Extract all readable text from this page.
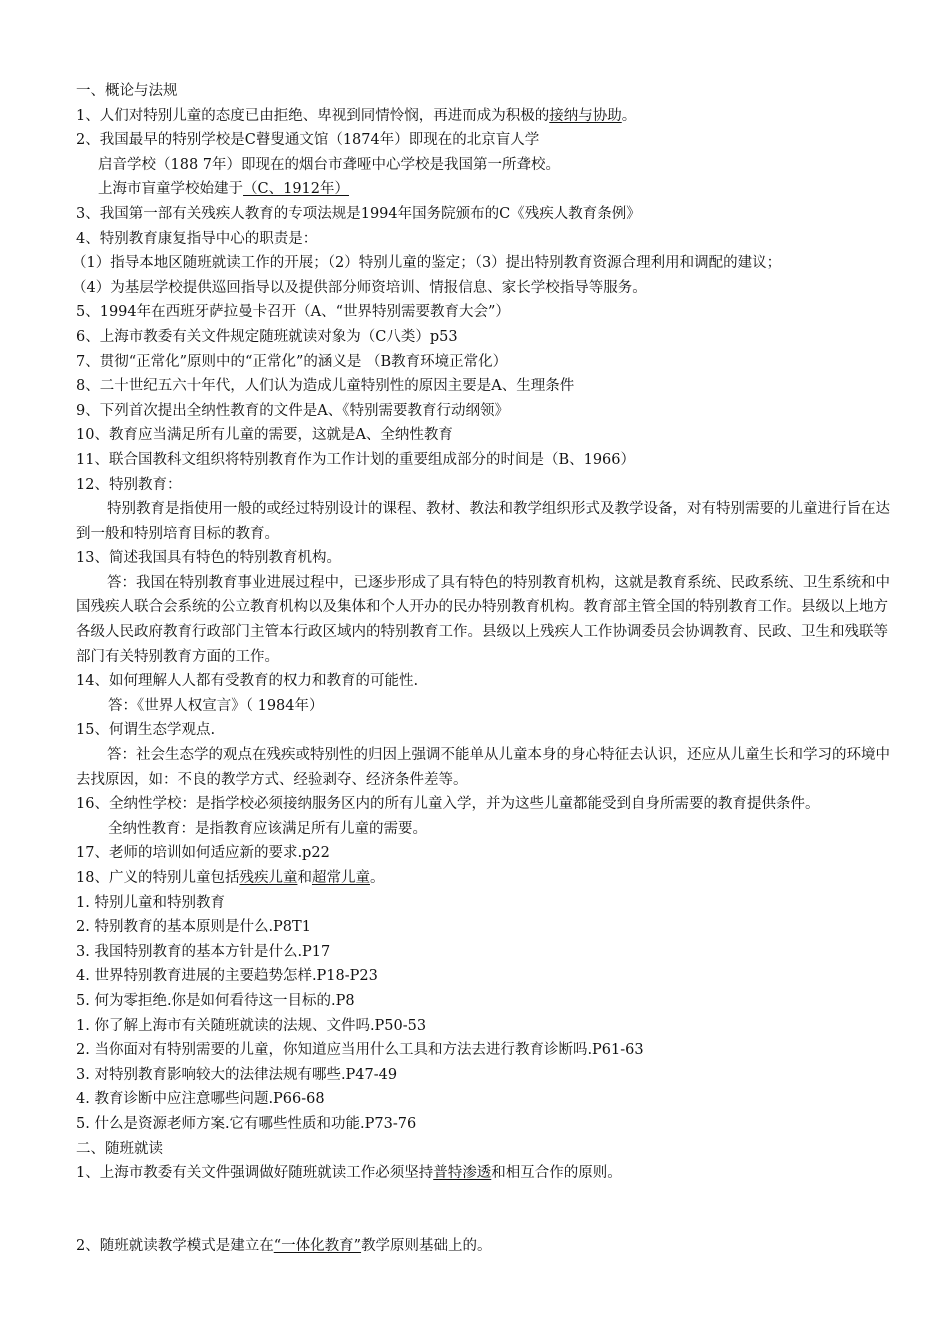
一、概论与法规
1、人们对特别儿童的态度已由拒绝、卑视到同情怜悯，再进而成为积极的接纳与协助。
2、我国最早的特别学校是C瞽叟通文馆（1874年）即现在的北京盲人学
启音学校（188 7年）即现在的烟台市聋哑中心学校是我国第一所聋校。
上海市盲童学校始建于（C、1912年）
3、我国第一部有关残疾人教育的专项法规是1994年国务院颁布的C《残疾人教育条例》
4、特别教育康复指导中心的职责是：
（1）指导本地区随班就读工作的开展；（2）特别儿童的鉴定；（3）提出特别教育资源合理利用和调配的建议；
（4）为基层学校提供巡回指导以及提供部分师资培训、情报信息、家长学校指导等服务。
5、1994年在西班牙萨拉曼卡召开（A、“世界特别需要教育大会”）
6、上海市教委有关文件规定随班就读对象为（C八类）p53
7、贯彻“正常化”原则中的“正常化”的涵义是 （B教育环境正常化）
8、二十世纪五六十年代，人们认为造成儿童特别性的原因主要是A、生理条件
9、下列首次提出全纳性教育的文件是A、《特别需要教育行动纲领》
10、教育应当满足所有儿童的需要，这就是A、全纳性教育
11、联合国教科文组织将特别教育作为工作计划的重要组成部分的时间是（B、1966）
12、特别教育：
特别教育是指使用一般的或经过特别设计的课程、教材、教法和教学组织形式及教学设备，对有特别需要的儿童进行旨在达到一般和特别培育目标的教育。
13、简述我国具有特色的特别教育机构。
答：我国在特别教育事业进展过程中，已逐步形成了具有特色的特别教育机构，这就是教育系统、民政系统、卫生系统和中国残疾人联合会系统的公立教育机构以及集体和个人开办的民办特别教育机构。教育部主管全国的特别教育工作。县级以上地方各级人民政府教育行政部门主管本行政区域内的特别教育工作。县级以上残疾人工作协调委员会协调教育、民政、卫生和残联等部门有关特别教育方面的工作。
14、如何理解人人都有受教育的权力和教育的可能性.
答：《世界人权宣言》（ 1984年）
15、何谓生态学观点.
答：社会生态学的观点在残疾或特别性的归因上强调不能单从儿童本身的身心特征去认识，还应从儿童生长和学习的环境中去找原因，如：不良的教学方式、经验剥夺、经济条件差等。
16、全纳性学校：是指学校必须接纳服务区内的所有儿童入学，并为这些儿童都能受到自身所需要的教育提供条件。
全纳性教育：是指教育应该满足所有儿童的需要。
17、老师的培训如何适应新的要求.p22
18、广义的特别儿童包括残疾儿童和超常儿童。
1. 特别儿童和特别教育
2. 特别教育的基本原则是什么.P8T1
3. 我国特别教育的基本方针是什么.P17
4. 世界特别教育进展的主要趋势怎样.P18-P23
5. 何为零拒绝.你是如何看待这一目标的.P8
1. 你了解上海市有关随班就读的法规、文件吗.P50-53
2. 当你面对有特别需要的儿童，你知道应当用什么工具和方法去进行教育诊断吗.P61-63
3. 对特别教育影响较大的法律法规有哪些.P47-49
4. 教育诊断中应注意哪些问题.P66-68
5. 什么是资源老师方案.它有哪些性质和功能.P73-76
二、随班就读
1、上海市教委有关文件强调做好随班就读工作必须坚持普特渗透和相互合作的原则。
2、随班就读教学模式是建立在“一体化教育”教学原则基础上的。
